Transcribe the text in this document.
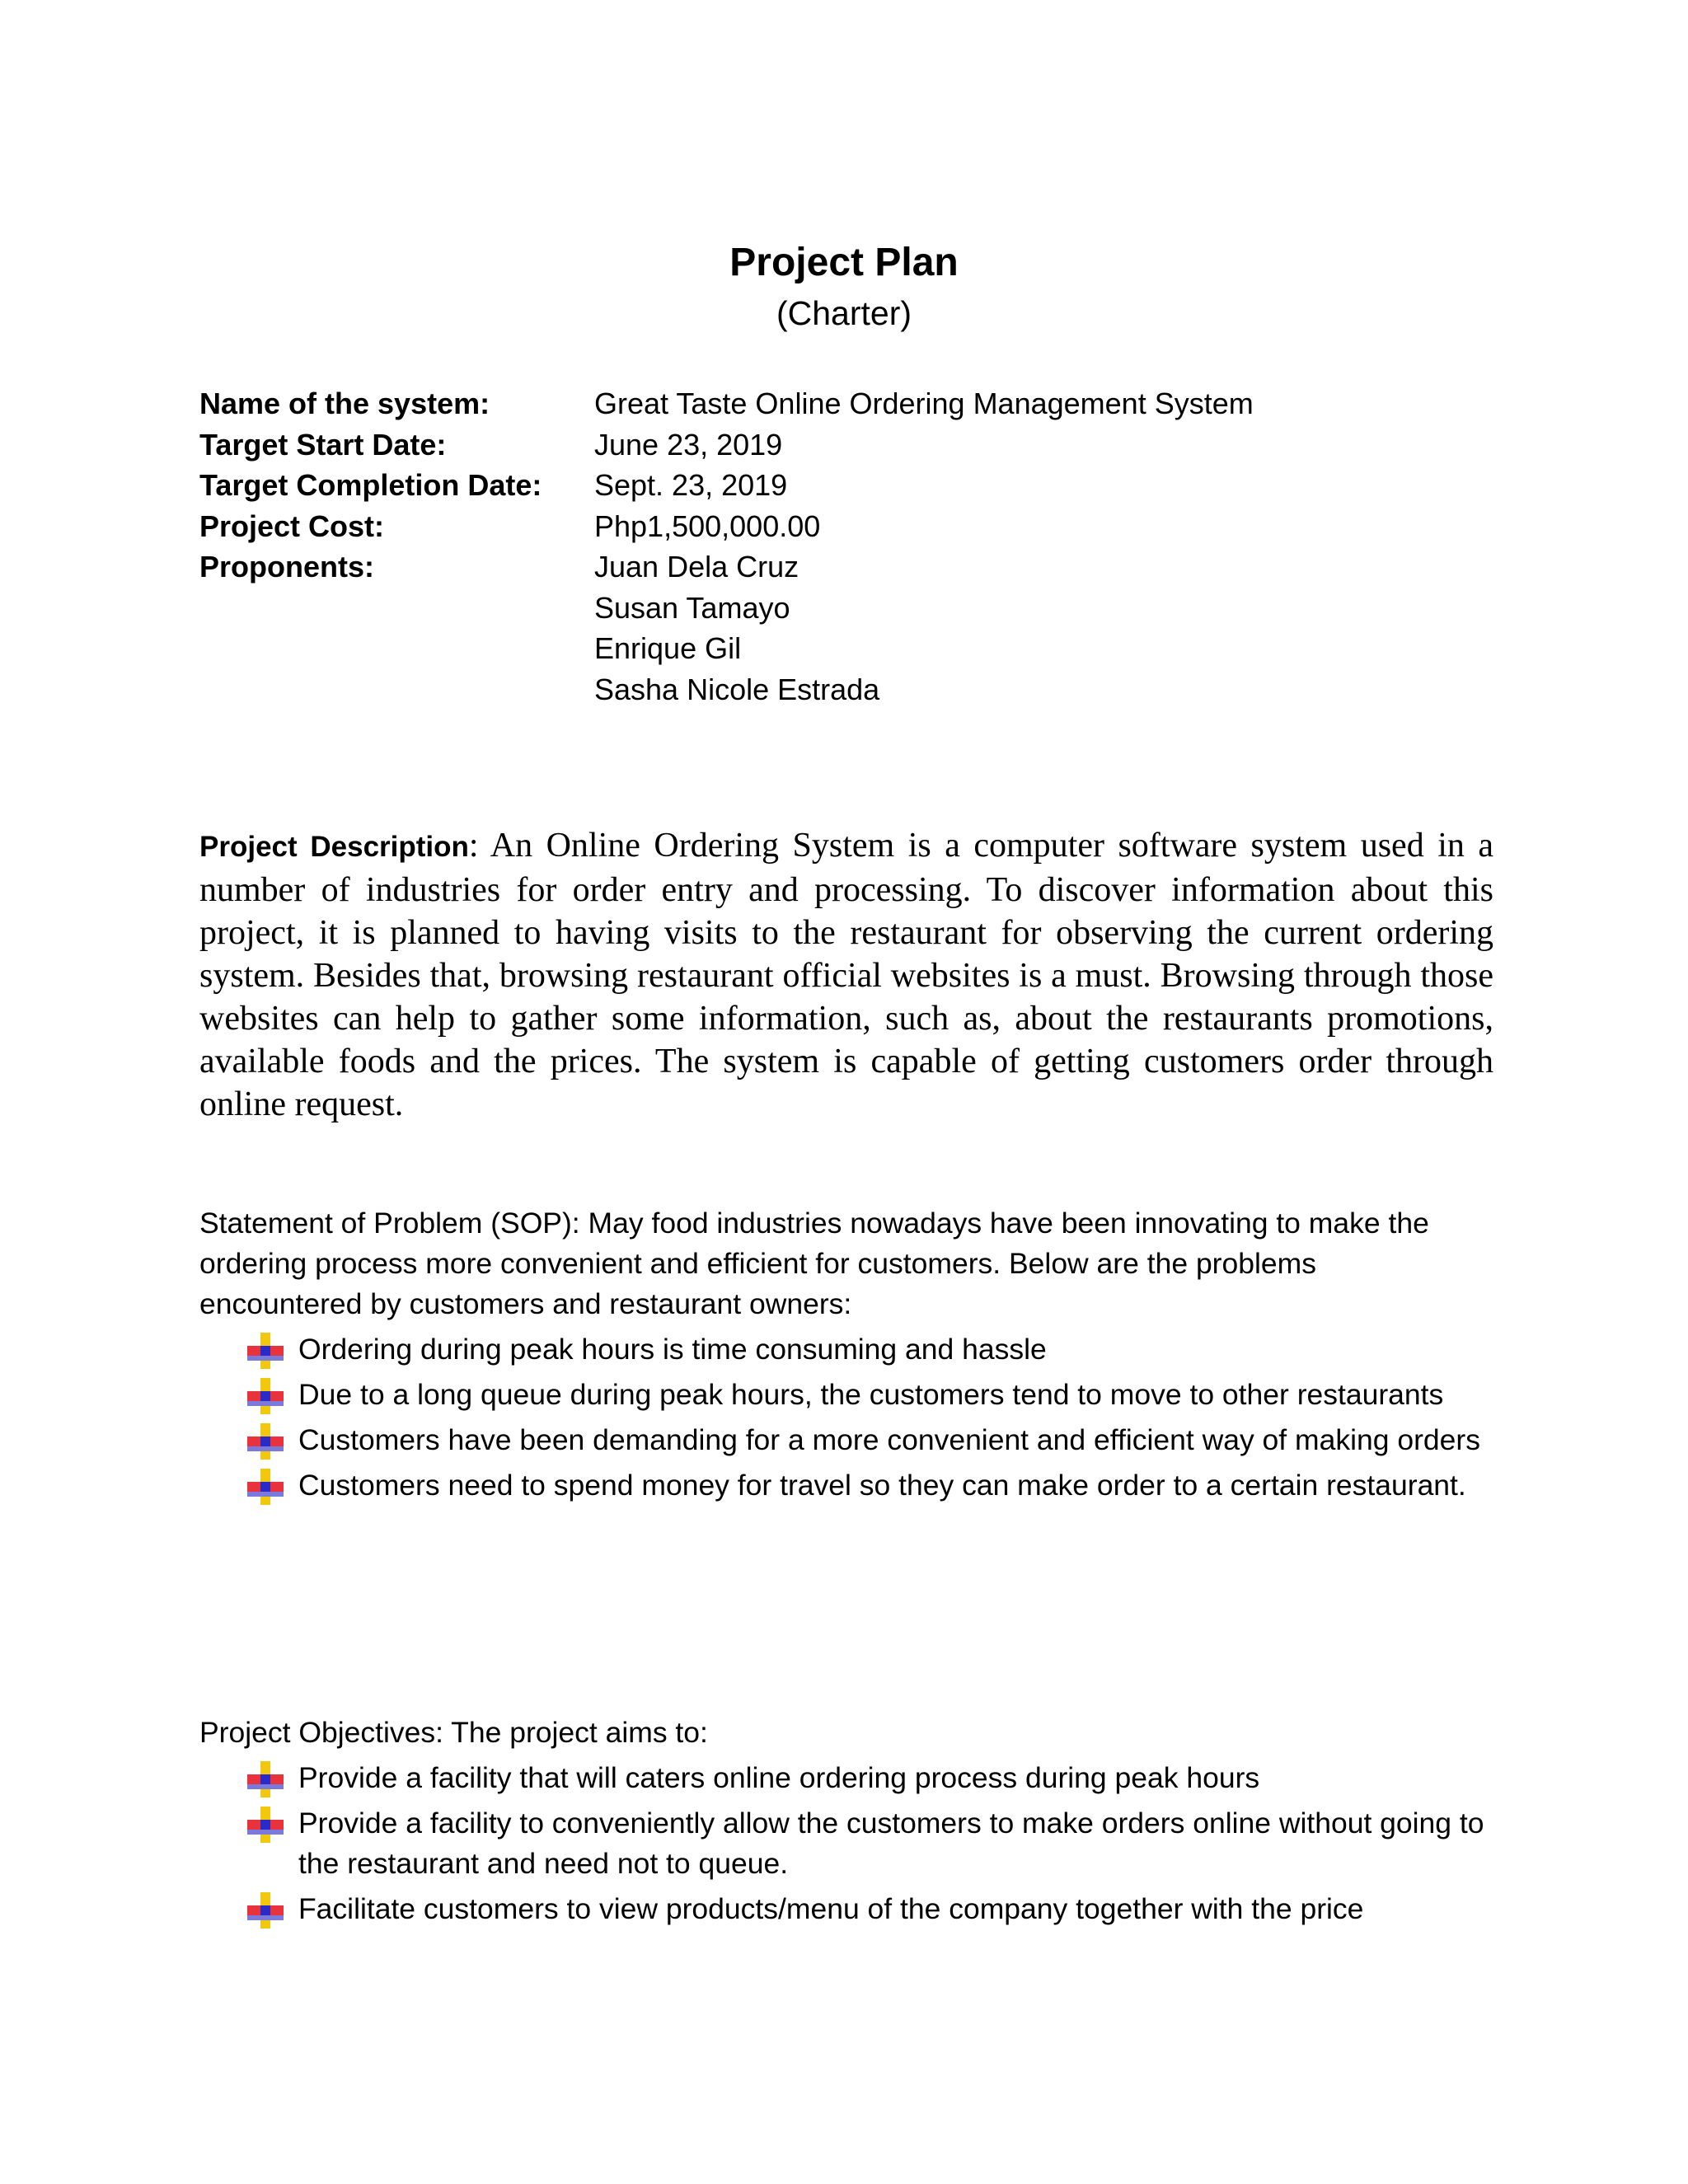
Project Plan
(Charter)
Name of the system:	Great Taste Online Ordering Management System
Target Start Date:	June 23, 2019
Target Completion Date:	Sept. 23, 2019
Project Cost:	Php1,500,000.00
Proponents:	Juan Dela Cruz
Susan Tamayo
Enrique Gil
Sasha Nicole Estrada
Project Description: An Online Ordering System is a computer software system used in a number of industries for order entry and processing. To discover information about this project, it is planned to having visits to the restaurant for observing the current ordering system. Besides that, browsing restaurant official websites is a must. Browsing through those websites can help to gather some information, such as, about the restaurants promotions, available foods and the prices. The system is capable of getting customers order through online request.
Statement of Problem (SOP): May food industries nowadays have been innovating to make the ordering process more convenient and efficient for customers. Below are the problems encountered by customers and restaurant owners:
Ordering during peak hours is time consuming and hassle
Due to a long queue during peak hours, the customers tend to move to other restaurants
Customers have been demanding for a more convenient and efficient way of making orders
Customers need to spend money for travel so they can make order to a certain restaurant.
Project Objectives: The project aims to:
Provide a facility that will caters online ordering process during peak hours
Provide a facility to conveniently allow the customers to make orders online without going to the restaurant and need not to queue.
Facilitate customers to view products/menu of the company together with the price
